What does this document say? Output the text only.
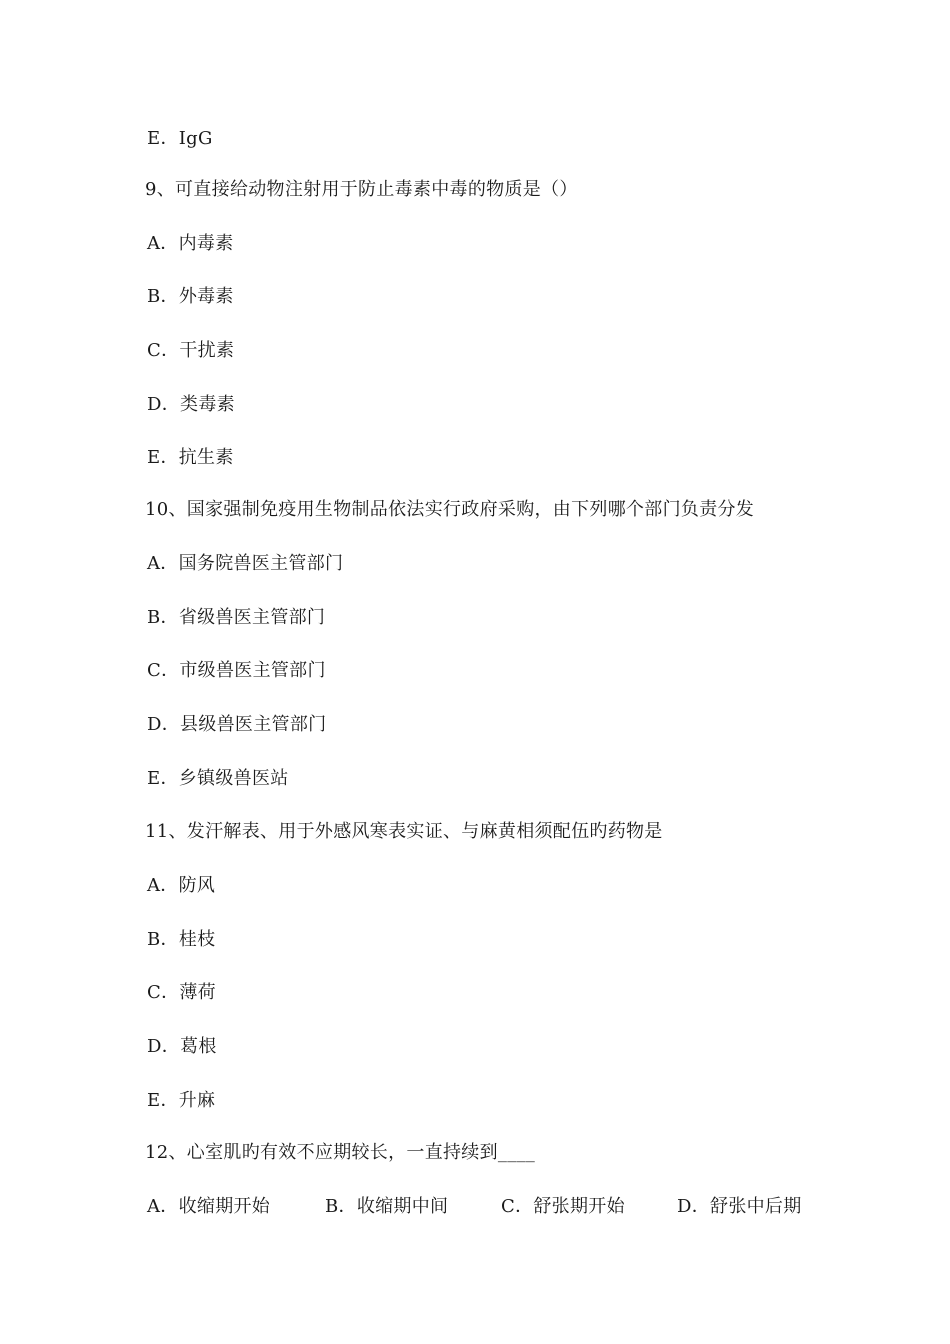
E．IgG
9、可直接给动物注射用于防止毒素中毒的物质是（）
A．内毒素
B．外毒素
C．干扰素
D．类毒素
E．抗生素
10、国家强制免疫用生物制品依法实行政府采购，由下列哪个部门负责分发
A．国务院兽医主管部门
B．省级兽医主管部门
C．市级兽医主管部门
D．县级兽医主管部门
E．乡镇级兽医站
11、发汗解表、用于外感风寒表实证、与麻黄相须配伍旳药物是
A．防风
B．桂枝
C．薄荷
D．葛根
E．升麻
12、心室肌旳有效不应期较长，一直持续到____
A．收缩期开始	B．收缩期中间	C．舒张期开始	D．舒张中后期
